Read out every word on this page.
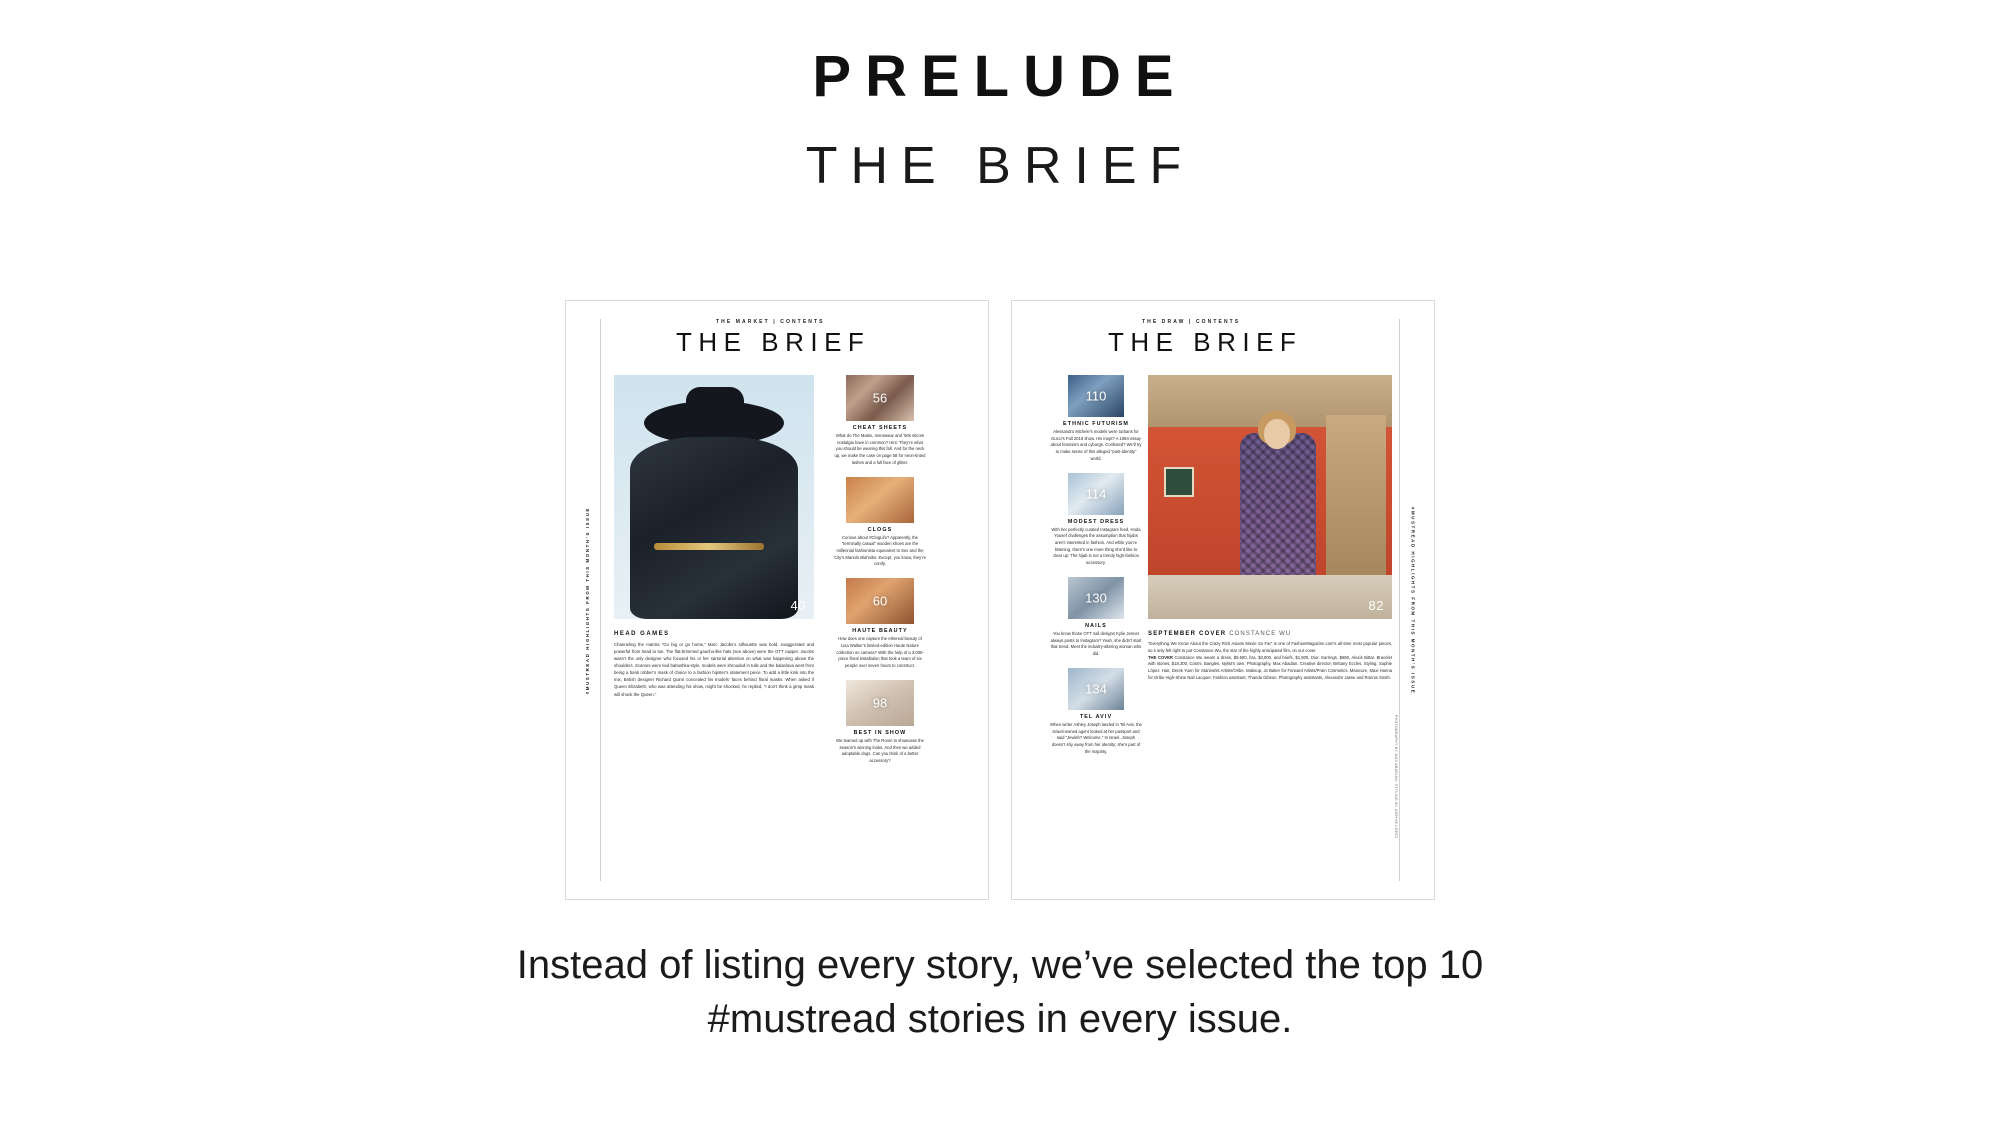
PRELUDE
THE BRIEF
#MUSTREAD HIGHLIGHTS FROM THIS MONTH’S ISSUE
THE MARKET | CONTENTS
THE BRIEF
40

HEAD GAMES

Channeling the mantra “Go big or go home,” Marc Jacobs’s silhouette was bold, exaggerated and powerful from head to toe. The flat-brimmed gaucho-like hats (see above) were the OTT capper. Jacobs wasn’t the only designer who focused his or her sartorial attention on what was happening above the shoulders. Scarves were tied babushka-style, models were shrouded in tulle and the balaclava went from being a bank robber’s mask of choice to a fashion hipster’s statement piece. To add a little kink into the mix, British designer Richard Quinn concealed his models’ faces behind floral masks. When asked if Queen Elizabeth, who was attending his show, might be shocked, he replied, “I don’t think a gimp mask will shock the Queen.”

56

CHEAT SHEETS

What do The Matrix, menswear and ‘90s sitcom nostalgia have in common? Hint: They’re what you should be wearing this fall. And for the neck up, we make the case on page 58 for neon-tinted lashes and a full face of glitter.

CLOGS

Curious about #ClogLife? Apparently, the “terminally casual” wooden shoes are the millennial fashionista equivalent to Sex and the City’s Manolo Blahniks. Except, you know, they’re comfy.

60

HAUTE BEAUTY

How does one capture the ethereal beauty of Lisa Walker’s limited-edition Haute Nature collection on camera? With the help of a 3,000-piece floral installation that took a team of six people over seven hours to construct.

98

BEST IN SHOW

We teamed up with The Room to showcase the season’s winning looks. And then we added adoptable dogs. Can you think of a better accessory?

#MUSTREAD HIGHLIGHTS FROM THIS MONTH’S ISSUE
THE DRAW | CONTENTS
THE BRIEF
110

ETHNIC FUTURISM

Alessandro Michele’s models were turbans for Gucci’s Fall 2018 show. His inept? A 1984 essay about feminism and cyborgs. Confused? We’ll try to make sense of this alleged “post-identity” world.

114

MODEST DRESS

With her perfectly curated Instagram feed, Hoda Yousef challenges the assumption that hijabs aren’t interested in fashion. And while you’re listening, there’s one more thing she’d like to clear up: The hijab is not a trendy high-fashion accessory.

130

NAILS

You know those OTT nail designs Kylie Jenner always posts to Instagram? Yeah, she didn’t start that trend. Meet the industry-altering woman who did.

134

TEL AVIV

When writer Ashley Joseph landed in Tel Aviv, the Israeli-owned agent looked at her passport and said “Jewish? Welcome.” In Israel, Joseph doesn’t shy away from her identity; she’s part of the majority.

82

SEPTEMBER COVER CONSTANCE WU

“Everything We Know About the Crazy Rich Asians Movie So Far” is one of FashionMagazine.com’s all-time most popular pieces, so it only felt right to put Constance Wu, the star of the highly anticipated film, on our cover.

THE COVER Constance Wu wears a dress, $9,500, bra, $3,900, and briefs, $1,800, Dior. Earrings, $680, Alexis Bittar. Bracelet with stones, $18,300, Cosmi. Bangles, stylist’s own. Photography, Max Abadian. Creative director, Brittany Eccles. Styling, Sophie López. Hair, Derek Yuen for Starworks Artists/Oribe. Makeup, Jo Baker for Forward Artists/Pram Cosmetics. Manicure, Maxi Hanna for Oribe High-Shine Nail Lacquer. Fashion assistant, Thanda Gibson. Photography assistants, Alexandre Jasse and Ronnie Smith.

PHOTOGRAPHY BY MAX ABADIAN; STYLING BY SOPHIE LÓPEZ
Instead of listing every story, we’ve selected the top 10
#mustread stories in every issue.
